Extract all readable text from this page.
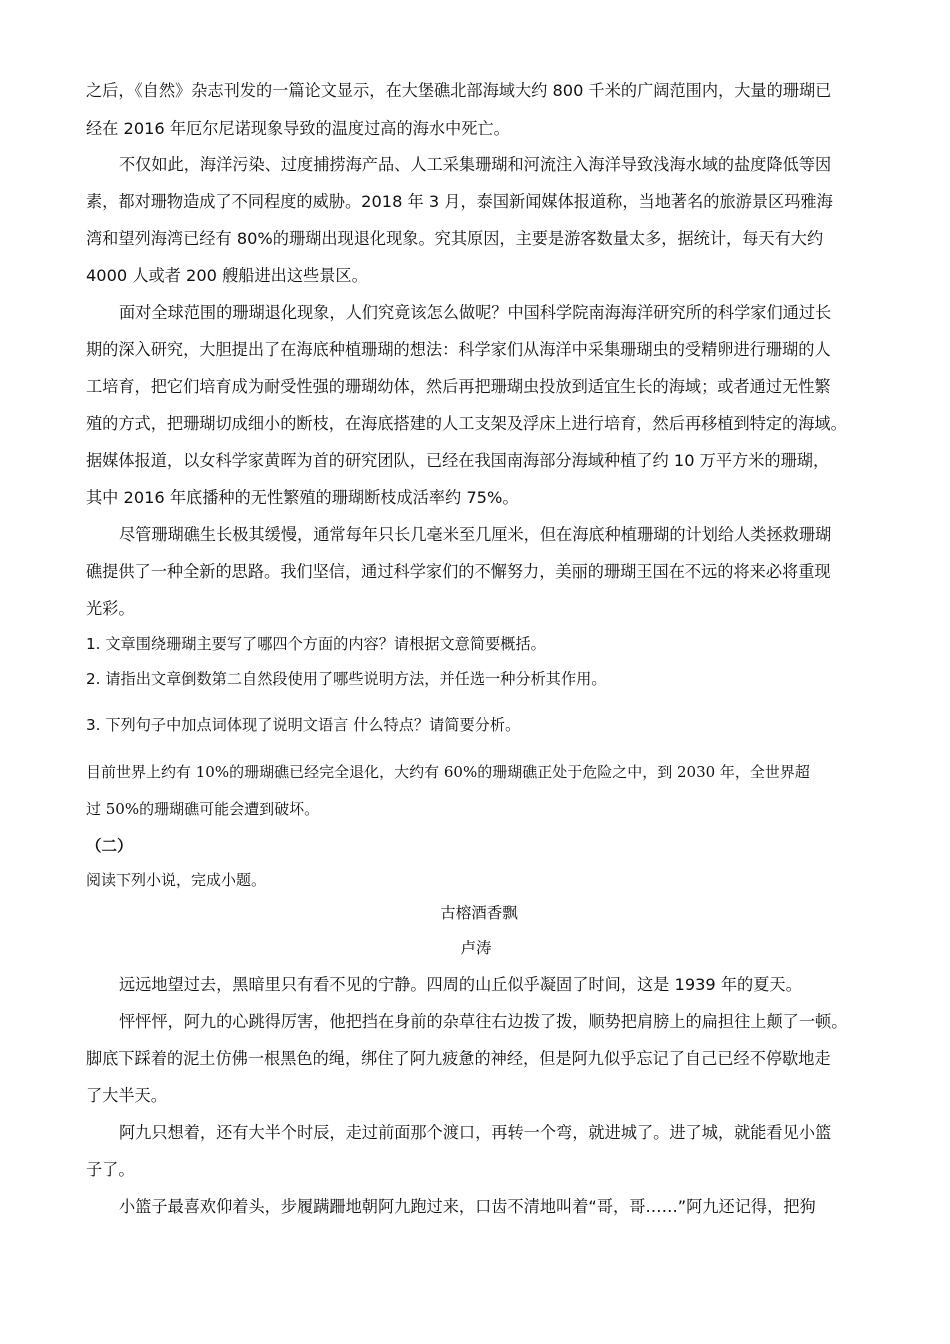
之后，《自然》杂志刊发的一篇论文显示，在大堡礁北部海域大约 800 千米的广阔范围内，大量的珊瑚已
经在 2016 年厄尔尼诺现象导致的温度过高的海水中死亡。
不仅如此，海洋污染、过度捕捞海产品、人工采集珊瑚和河流注入海洋导致浅海水域的盐度降低等因
素，都对珊物造成了不同程度的威胁。2018 年 3 月，泰国新闻媒体报道称，当地著名的旅游景区玛雅海
湾和望列海湾已经有 80%的珊瑚出现退化现象。究其原因，主要是游客数量太多，据统计，每天有大约
4000 人或者 200 艘船进出这些景区。
面对全球范围的珊瑚退化现象，人们究竟该怎么做呢？中国科学院南海海洋研究所的科学家们通过长
期的深入研究，大胆提出了在海底种植珊瑚的想法：科学家们从海洋中采集珊瑚虫的受精卵进行珊瑚的人
工培育，把它们培育成为耐受性强的珊瑚幼体，然后再把珊瑚虫投放到适宜生长的海域；或者通过无性繁
殖的方式，把珊瑚切成细小的断枝，在海底搭建的人工支架及浮床上进行培育，然后再移植到特定的海域。
据媒体报道，以女科学家黄晖为首的研究团队，已经在我国南海部分海域种植了约 10 万平方米的珊瑚，
其中 2016 年底播种的无性繁殖的珊瑚断枝成活率约 75%。
尽管珊瑚礁生长极其缓慢，通常每年只长几毫米至几厘米，但在海底种植珊瑚的计划给人类拯救珊瑚
礁提供了一种全新的思路。我们坚信，通过科学家们的不懈努力，美丽的珊瑚王国在不远的将来必将重现
光彩。
1. 文章围绕珊瑚主要写了哪四个方面的内容？请根据文意简要概括。
2. 请指出文章倒数第二自然段使用了哪些说明方法，并任选一种分析其作用。
3. 下列句子中加点词体现了说明文语言 什么特点？请简要分析。
目前世界上约有 10%的珊瑚礁已经完全退化，大约有 60%的珊瑚礁正处于危险之中，到 2030 年，全世界超
过 50%的珊瑚礁可能会遭到破坏。
（二）
阅读下列小说，完成小题。
古榕酒香飘
卢涛
远远地望过去，黑暗里只有看不见的宁静。四周的山丘似乎凝固了时间，这是 1939 年的夏天。
怦怦怦，阿九的心跳得厉害，他把挡在身前的杂草往右边拨了拨，顺势把肩膀上的扁担往上颠了一顿。
脚底下踩着的泥土仿佛一根黑色的绳，绑住了阿九疲惫的神经，但是阿九似乎忘记了自己已经不停歇地走
了大半天。
阿九只想着，还有大半个时辰，走过前面那个渡口，再转一个弯，就进城了。进了城，就能看见小篮
子了。
小篮子最喜欢仰着头，步履蹒跚地朝阿九跑过来，口齿不清地叫着“哥，哥……”阿九还记得，把狗
